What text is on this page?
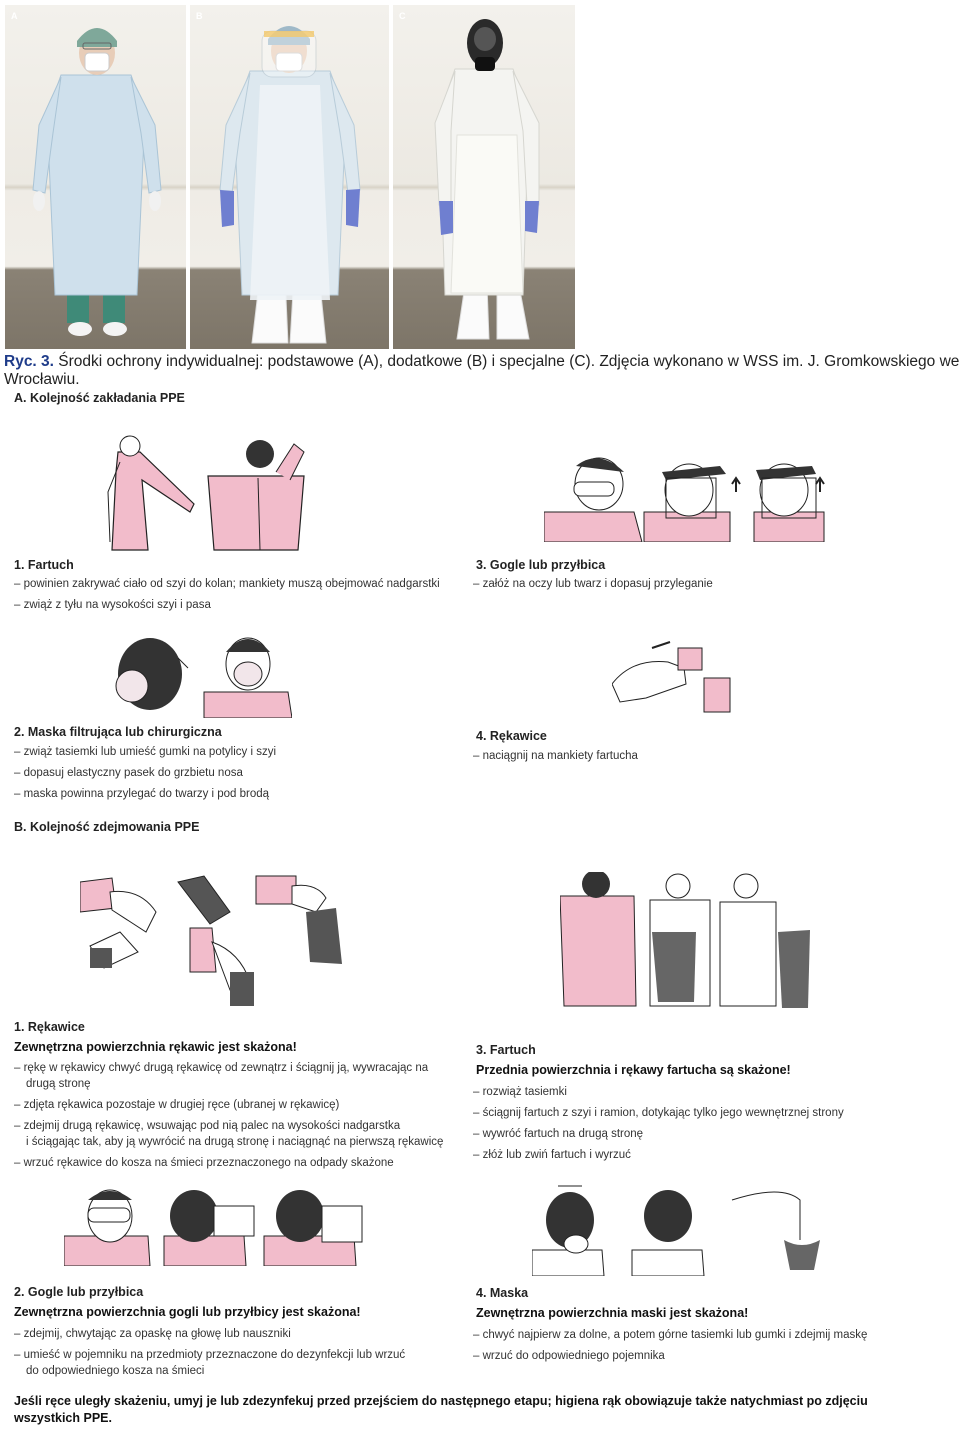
A	B	C
Ryc. 3. Środki ochrony indywidualnej: podstawowe (A), dodatkowe (B) i specjalne (C). Zdjęcia wykonano w WSS im. J. Gromkowskiego we Wrocławiu.
A. Kolejność zakładania PPE
1. Fartuch
– powinien zakrywać ciało od szyi do kolan; mankiety muszą obejmować nadgarstki
– zwiąż z tyłu na wysokości szyi i pasa
3. Gogle lub przyłbica
– załóż na oczy lub twarz i dopasuj przyleganie
2. Maska filtrująca lub chirurgiczna
– zwiąż tasiemki lub umieść gumki na potylicy i szyi
– dopasuj elastyczny pasek do grzbietu nosa
– maska powinna przylegać do twarzy i pod brodą
4. Rękawice
– naciągnij na mankiety fartucha
B. Kolejność zdejmowania PPE
1. Rękawice
Zewnętrzna powierzchnia rękawic jest skażona!
– rękę w rękawicy chwyć drugą rękawicę od zewnątrz i ściągnij ją, wywracając na
drugą stronę
– zdjęta rękawica pozostaje w drugiej ręce (ubranej w rękawicę)
– zdejmij drugą rękawicę, wsuwając pod nią palec na wysokości nadgarstka
i ściągając tak, aby ją wywrócić na drugą stronę i naciągnąć na pierwszą rękawicę
– wrzuć rękawice do kosza na śmieci przeznaczonego na odpady skażone
3. Fartuch
Przednia powierzchnia i rękawy fartucha są skażone!
– rozwiąż tasiemki
– ściągnij fartuch z szyi i ramion, dotykając tylko jego wewnętrznej strony
– wywróć fartuch na drugą stronę
– złóż lub zwiń fartuch i wyrzuć
2. Gogle lub przyłbica
Zewnętrzna powierzchnia gogli lub przyłbicy jest skażona!
– zdejmij, chwytając za opaskę na głowę lub nauszniki
– umieść w pojemniku na przedmioty przeznaczone do dezynfekcji lub wrzuć
do odpowiedniego kosza na śmieci
4. Maska
Zewnętrzna powierzchnia maski jest skażona!
– chwyć najpierw za dolne, a potem górne tasiemki lub gumki i zdejmij maskę
– wrzuć do odpowiedniego pojemnika
Jeśli ręce uległy skażeniu, umyj je lub zdezynfekuj przed przejściem do następnego etapu; higiena rąk obowiązuje także natychmiast po zdjęciu wszystkich PPE.
